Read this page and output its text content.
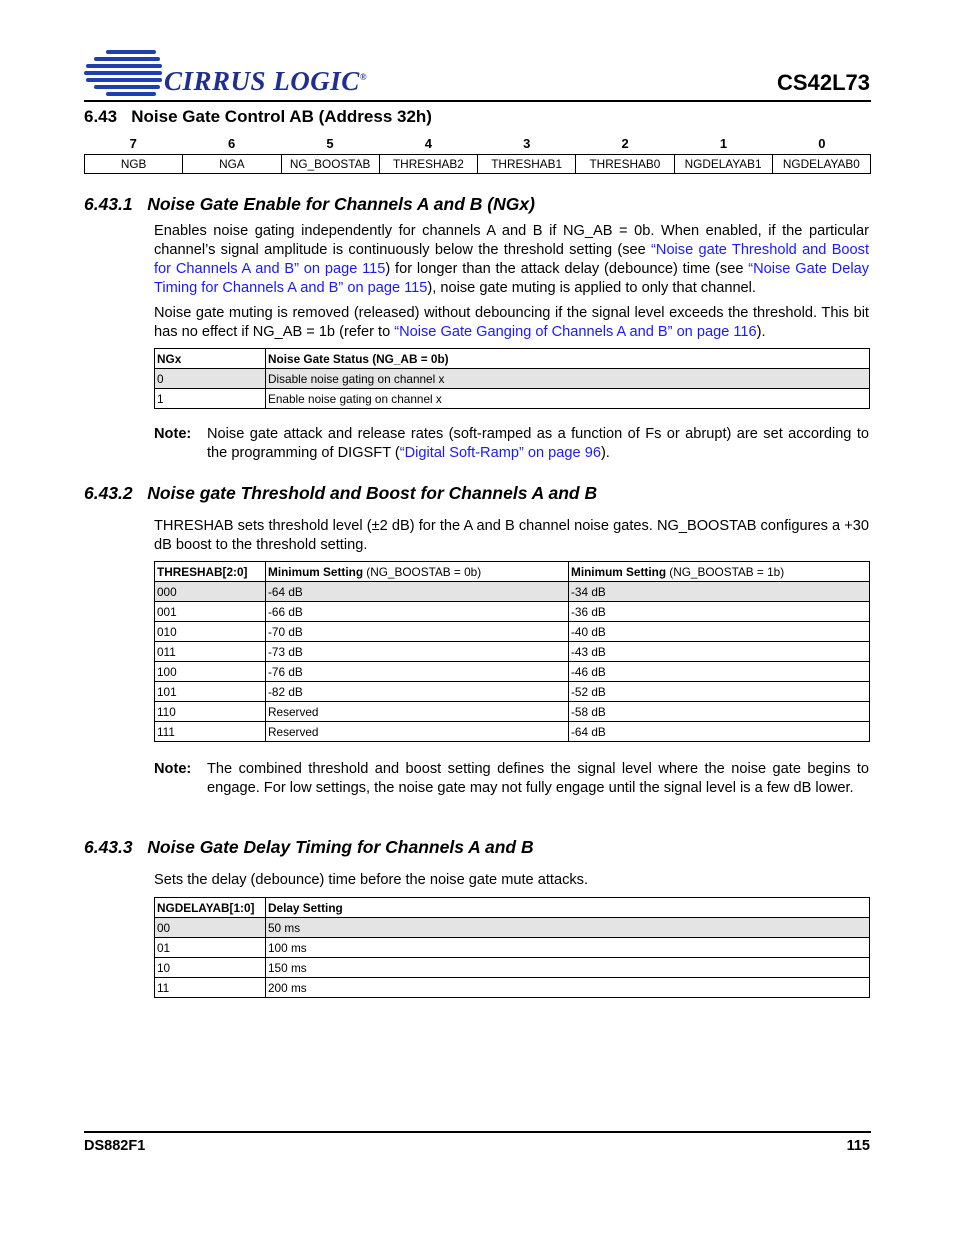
CIRRUS LOGIC®	CS42L73
6.43   Noise Gate Control AB (Address 32h)
7	6	5	4	3	2	1	0
NGB	NGA	NG_BOOSTAB	THRESHAB2	THRESHAB1	THRESHAB0	NGDELAYAB1	NGDELAYAB0
6.43.1   Noise Gate Enable for Channels A and B (NGx)

Enables noise gating independently for channels A and B if NG_AB = 0b. When enabled, if the particular channel’s signal amplitude is continuously below the threshold setting (see “Noise gate Threshold and Boost for Channels A and B” on page 115) for longer than the attack delay (debounce) time (see “Noise Gate Delay Timing for Channels A and B” on page 115), noise gate muting is applied to only that channel.

Noise gate muting is removed (released) without debouncing if the signal level exceeds the threshold. This bit has no effect if NG_AB = 1b (refer to “Noise Gate Ganging of Channels A and B” on page 116).

NGx	Noise Gate Status (NG_AB = 0b)
0	Disable noise gating on channel x
1	Enable noise gating on channel x
Note: Noise gate attack and release rates (soft-ramped as a function of Fs or abrupt) are set according to the programming of DIGSFT (“Digital Soft-Ramp” on page 96).
6.43.2   Noise gate Threshold and Boost for Channels A and B

THRESHAB sets threshold level (±2 dB) for the A and B channel noise gates. NG_BOOSTAB configures a +30 dB boost to the threshold setting.

THRESHAB[2:0]	Minimum Setting (NG_BOOSTAB = 0b)	Minimum Setting (NG_BOOSTAB = 1b)
000	-64 dB	-34 dB
001	-66 dB	-36 dB
010	-70 dB	-40 dB
011	-73 dB	-43 dB
100	-76 dB	-46 dB
101	-82 dB	-52 dB
110	Reserved	-58 dB
111	Reserved	-64 dB
Note: The combined threshold and boost setting defines the signal level where the noise gate begins to engage. For low settings, the noise gate may not fully engage until the signal level is a few dB lower.
6.43.3   Noise Gate Delay Timing for Channels A and B

Sets the delay (debounce) time before the noise gate mute attacks.

NGDELAYAB[1:0]	Delay Setting
00	50 ms
01	100 ms
10	150 ms
11	200 ms
DS882F1	115
